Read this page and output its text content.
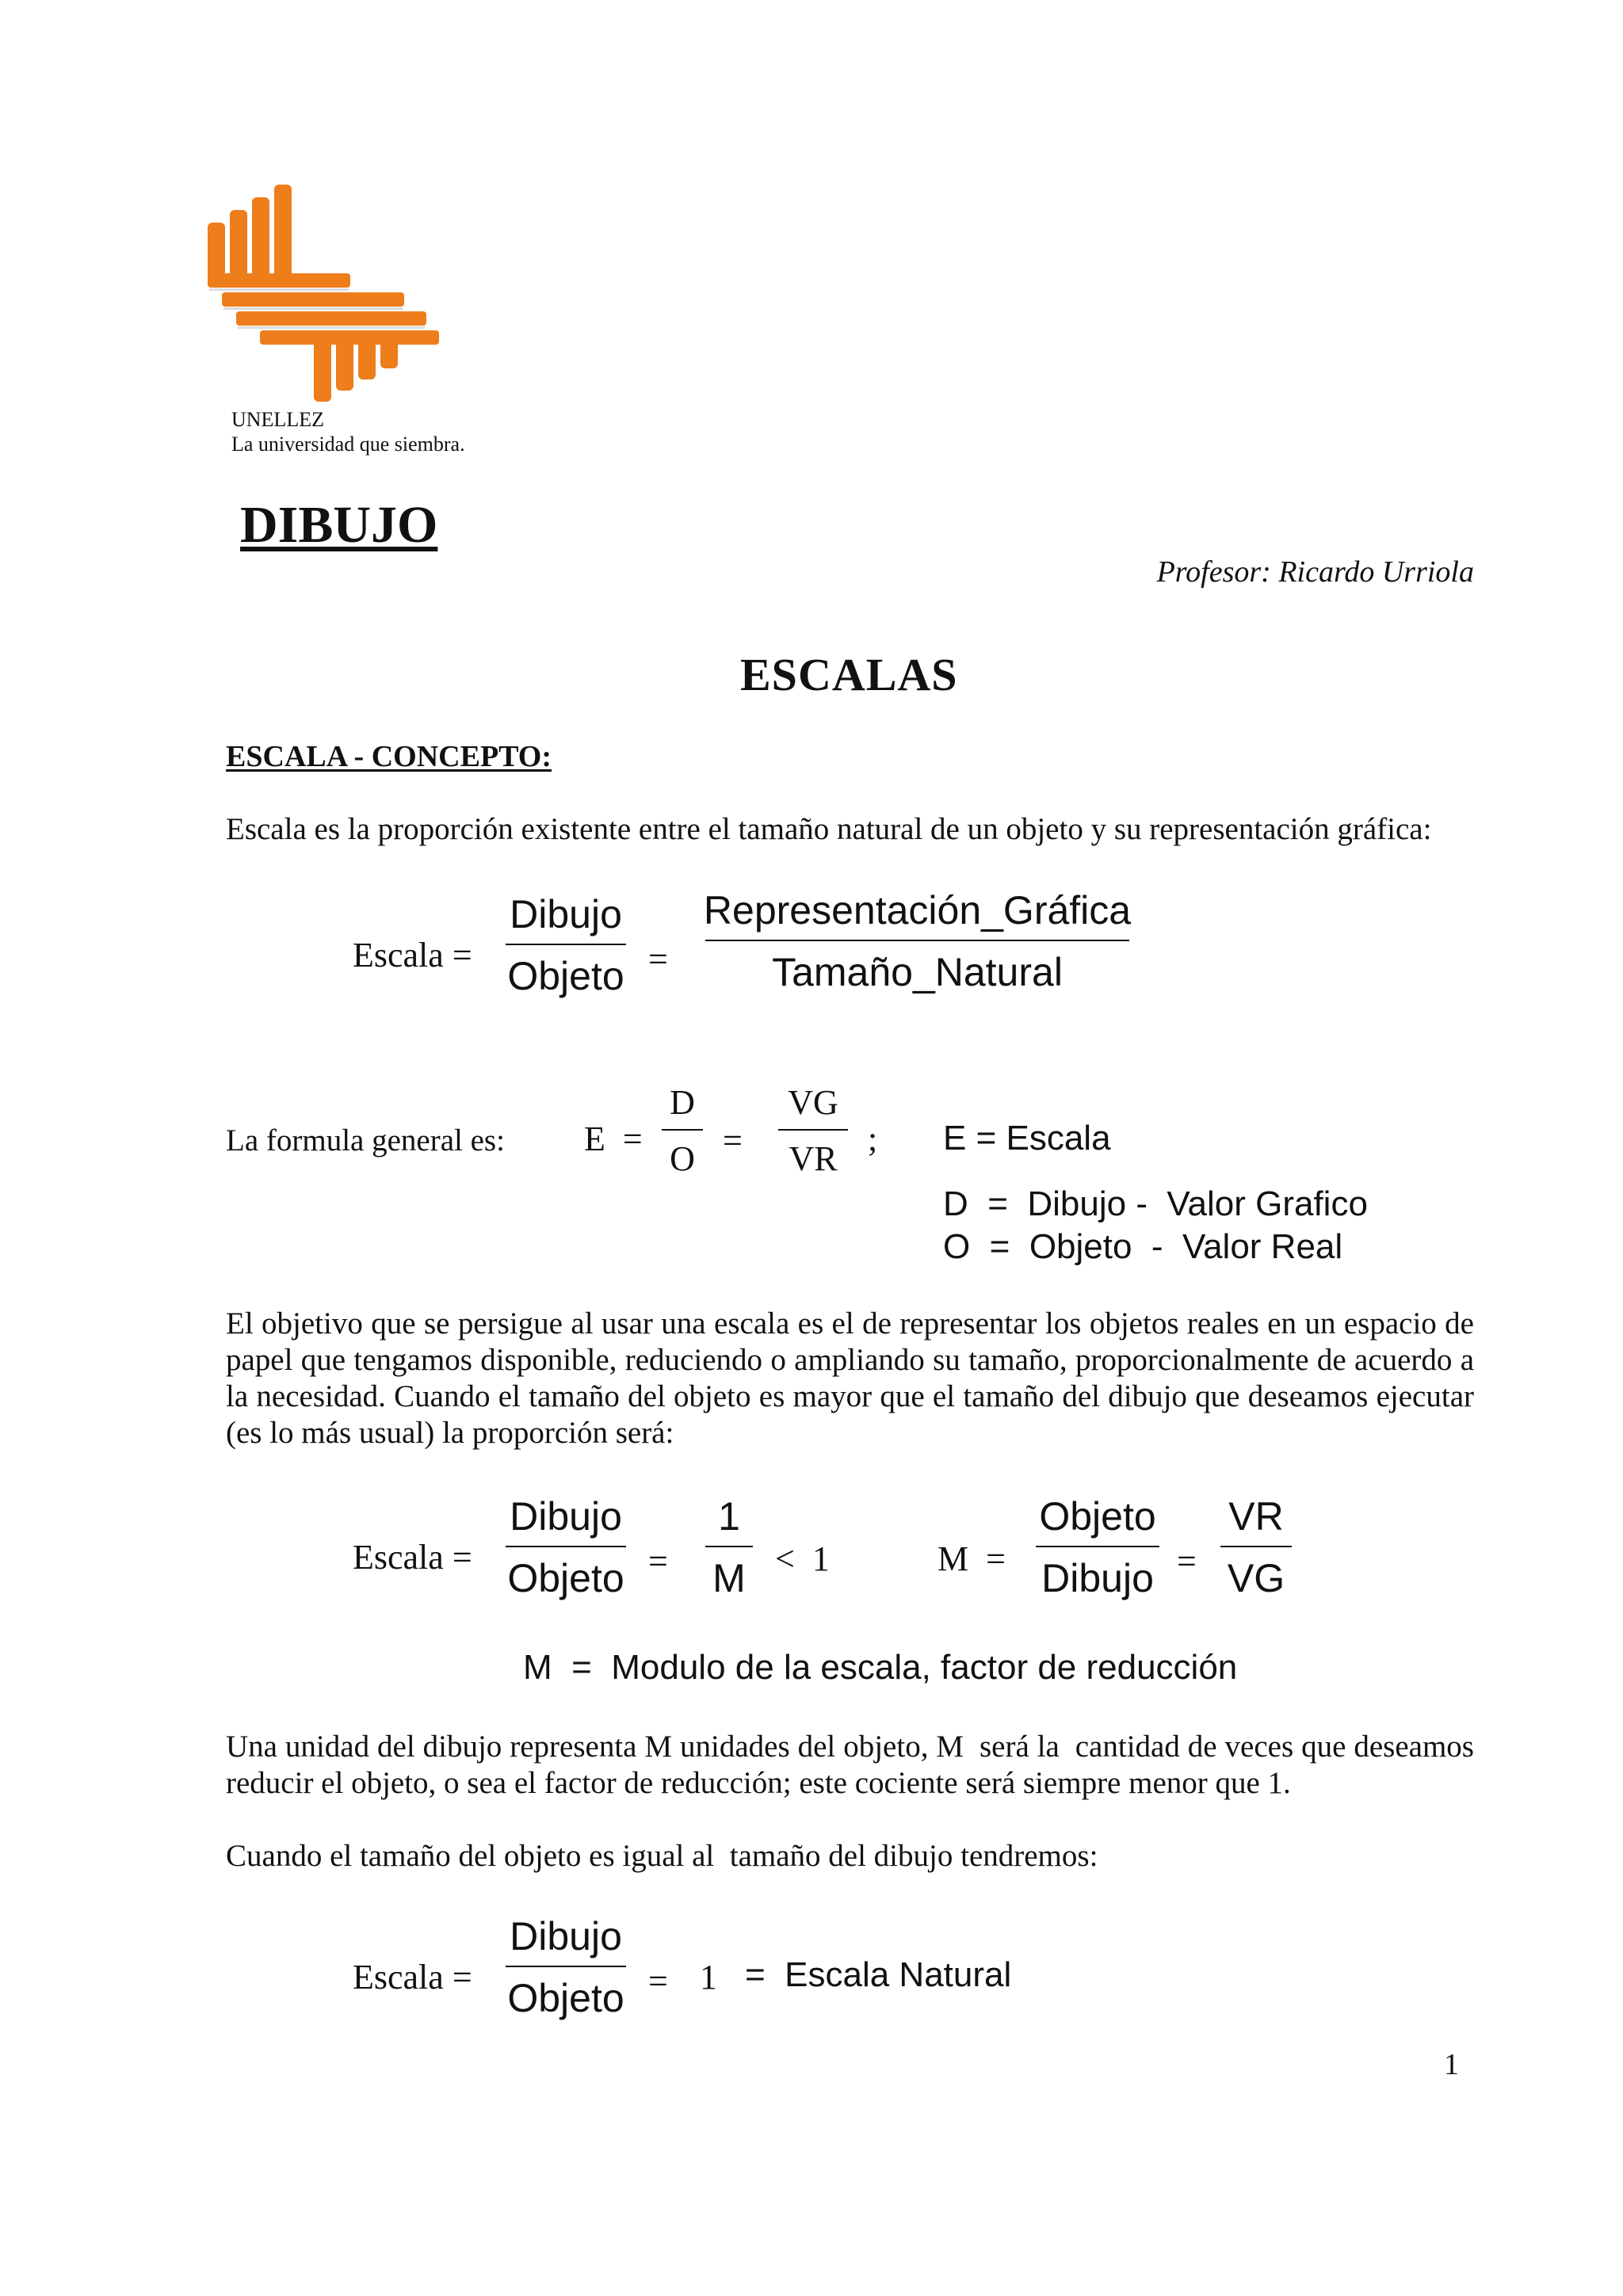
UNELLEZ
La universidad que siembra.
DIBUJO
Profesor: Ricardo Urriola
ESCALAS
ESCALA - CONCEPTO:
Escala es la proporción existente entre el tamaño natural de un objeto y su representación gráfica:
Escala =
Dibujo
Objeto =
Representación_Gráfica
Tamaño_Natural
La formula general es: E  =
D
O =
VG
VR
; E = Escala
D  =  Dibujo -  Valor Grafico
O  =  Objeto  -  Valor Real
El objetivo que se persigue al usar una escala es el de representar los objetos reales en un espacio de papel que tengamos disponible, reduciendo o ampliando su tamaño, proporcionalmente de acuerdo a la necesidad. Cuando el tamaño del objeto es mayor que el tamaño del dibujo que deseamos ejecutar (es lo más usual) la proporción será:
Escala =
Dibujo
Objeto =
1
M <  1	M  =
Objeto
Dibujo =
VR
VG
M  =  Modulo de la escala, factor de reducción
Una unidad del dibujo representa M unidades del objeto, M  será la  cantidad de veces que deseamos  reducir el objeto, o sea el factor de reducción; este cociente será siempre menor que 1.
Cuando el tamaño del objeto es igual al  tamaño del dibujo tendremos:
Escala =
Dibujo
Objeto = 1 =  Escala Natural
1
